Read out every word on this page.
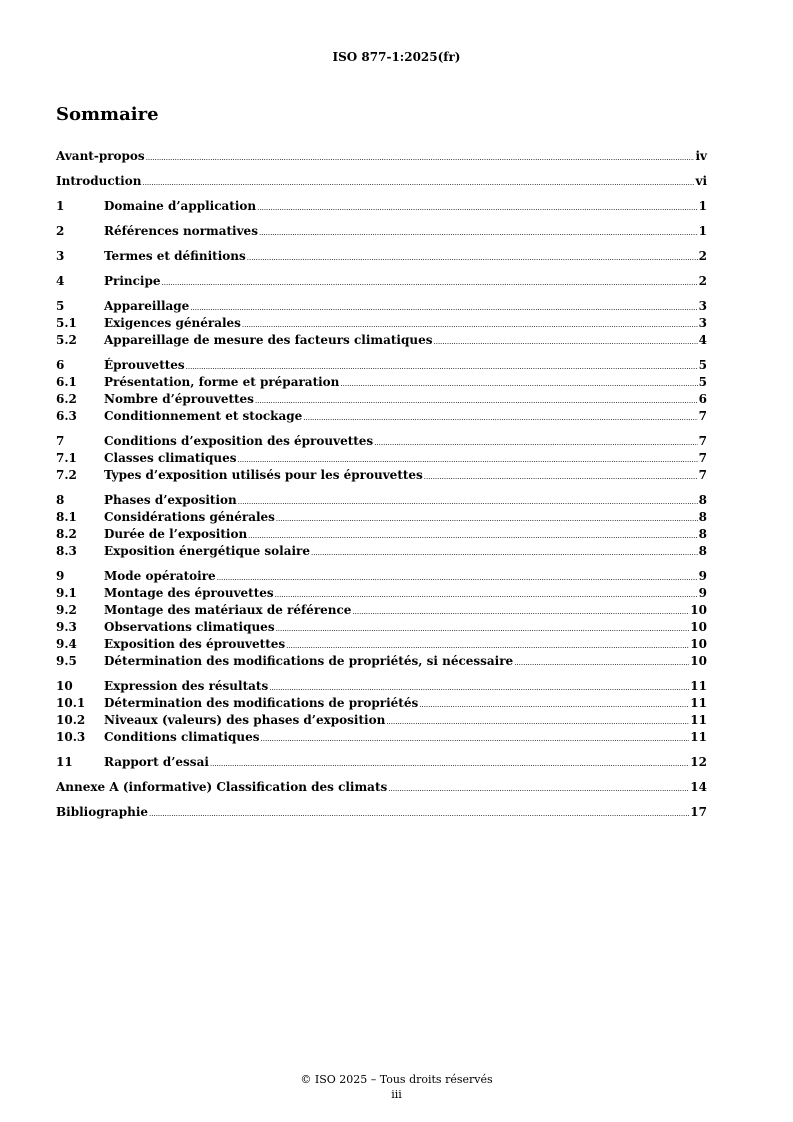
ISO 877-1:2025(fr)
Sommaire
Avant-propos .....	iv
Introduction .....	vi
1	Domaine d’application .....	1
2	Références normatives .....	1
3	Termes et définitions .....	2
4	Principe .....	2
5	Appareillage .....	3
5.1	Exigences générales .....	3
5.2	Appareillage de mesure des facteurs climatiques .....	4
6	Éprouvettes .....	5
6.1	Présentation, forme et préparation .....	5
6.2	Nombre d’éprouvettes .....	6
6.3	Conditionnement et stockage .....	7
7	Conditions d’exposition des éprouvettes .....	7
7.1	Classes climatiques .....	7
7.2	Types d’exposition utilisés pour les éprouvettes .....	7
8	Phases d’exposition .....	8
8.1	Considérations générales .....	8
8.2	Durée de l’exposition .....	8
8.3	Exposition énergétique solaire .....	8
9	Mode opératoire .....	9
9.1	Montage des éprouvettes .....	9
9.2	Montage des matériaux de référence .....	10
9.3	Observations climatiques .....	10
9.4	Exposition des éprouvettes .....	10
9.5	Détermination des modifications de propriétés, si nécessaire .....	10
10	Expression des résultats .....	11
10.1	Détermination des modifications de propriétés .....	11
10.2	Niveaux (valeurs) des phases d’exposition .....	11
10.3	Conditions climatiques .....	11
11	Rapport d’essai .....	12
Annexe A (informative) Classification des climats .....	14
Bibliographie .....	17
© ISO 2025 – Tous droits réservés
iii
